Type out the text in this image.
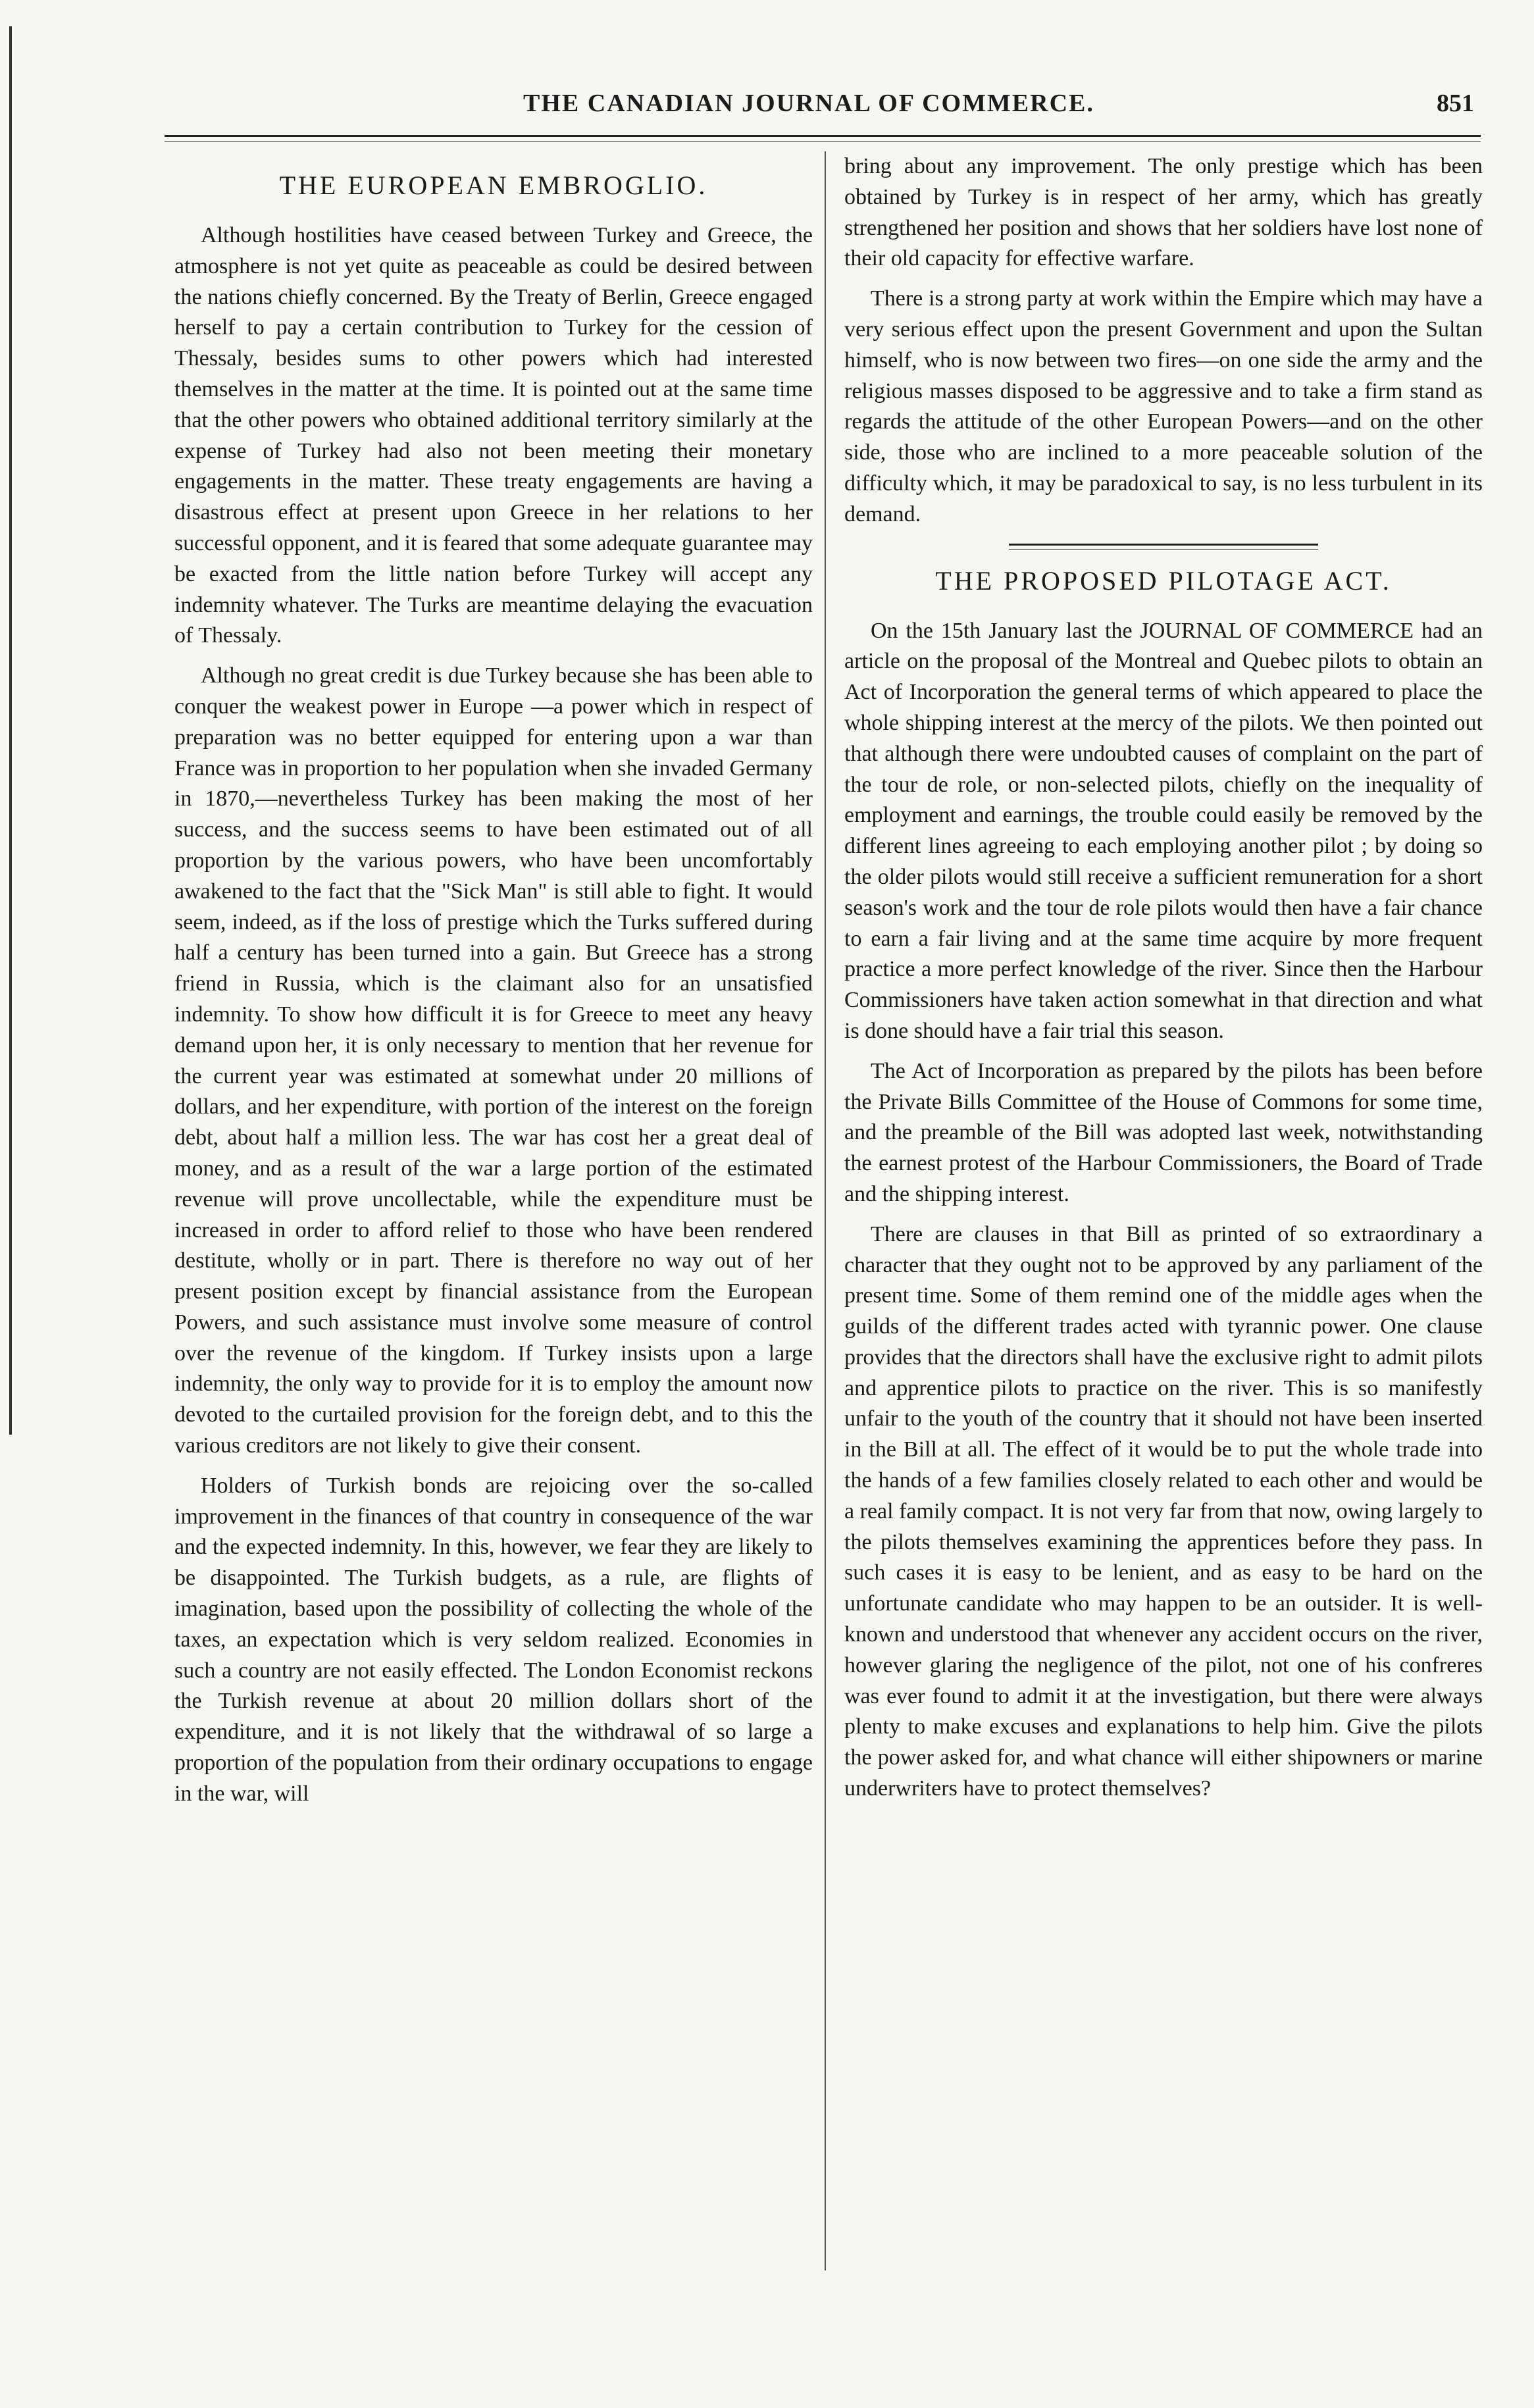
THE CANADIAN JOURNAL OF COMMERCE.	851
THE EUROPEAN EMBROGLIO.

Although hostilities have ceased between Turkey and Greece, the atmosphere is not yet quite as peaceable as could be desired between the nations chiefly concerned. By the Treaty of Berlin, Greece engaged herself to pay a certain contribution to Turkey for the cession of Thessaly, besides sums to other powers which had interested themselves in the matter at the time. It is pointed out at the same time that the other powers who obtained additional territory similarly at the expense of Turkey had also not been meeting their monetary engagements in the matter. These treaty engagements are having a disastrous effect at present upon Greece in her relations to her successful opponent, and it is feared that some adequate guarantee may be exacted from the little nation before Turkey will accept any indemnity whatever. The Turks are meantime delaying the evacuation of Thessaly.

Although no great credit is due Turkey because she has been able to conquer the weakest power in Europe —a power which in respect of preparation was no better equipped for entering upon a war than France was in proportion to her population when she invaded Germany in 1870,—nevertheless Turkey has been making the most of her success, and the success seems to have been estimated out of all proportion by the various powers, who have been uncomfortably awakened to the fact that the "Sick Man" is still able to fight. It would seem, indeed, as if the loss of prestige which the Turks suffered during half a century has been turned into a gain. But Greece has a strong friend in Russia, which is the claimant also for an unsatisfied indemnity. To show how difficult it is for Greece to meet any heavy demand upon her, it is only necessary to mention that her revenue for the current year was estimated at somewhat under 20 millions of dollars, and her expenditure, with portion of the interest on the foreign debt, about half a million less. The war has cost her a great deal of money, and as a result of the war a large portion of the estimated revenue will prove uncollectable, while the expenditure must be increased in order to afford relief to those who have been rendered destitute, wholly or in part. There is therefore no way out of her present position except by financial assistance from the European Powers, and such assistance must involve some measure of control over the revenue of the kingdom. If Turkey insists upon a large indemnity, the only way to provide for it is to employ the amount now devoted to the curtailed provision for the foreign debt, and to this the various creditors are not likely to give their consent.

Holders of Turkish bonds are rejoicing over the so-called improvement in the finances of that country in consequence of the war and the expected indemnity. In this, however, we fear they are likely to be disappointed. The Turkish budgets, as a rule, are flights of imagination, based upon the possibility of collecting the whole of the taxes, an expectation which is very seldom realized. Economies in such a country are not easily effected. The London Economist reckons the Turkish revenue at about 20 million dollars short of the expenditure, and it is not likely that the withdrawal of so large a proportion of the population from their ordinary occupations to engage in the war, will

bring about any improvement. The only prestige which has been obtained by Turkey is in respect of her army, which has greatly strengthened her position and shows that her soldiers have lost none of their old capacity for effective warfare.

There is a strong party at work within the Empire which may have a very serious effect upon the present Government and upon the Sultan himself, who is now between two fires—on one side the army and the religious masses disposed to be aggressive and to take a firm stand as regards the attitude of the other European Powers—and on the other side, those who are inclined to a more peaceable solution of the difficulty which, it may be paradoxical to say, is no less turbulent in its demand.

THE PROPOSED PILOTAGE ACT.

On the 15th January last the JOURNAL OF COMMERCE had an article on the proposal of the Montreal and Quebec pilots to obtain an Act of Incorporation the general terms of which appeared to place the whole shipping interest at the mercy of the pilots. We then pointed out that although there were undoubted causes of complaint on the part of the tour de role, or non-selected pilots, chiefly on the inequality of employment and earnings, the trouble could easily be removed by the different lines agreeing to each employing another pilot ; by doing so the older pilots would still receive a sufficient remuneration for a short season's work and the tour de role pilots would then have a fair chance to earn a fair living and at the same time acquire by more frequent practice a more perfect knowledge of the river. Since then the Harbour Commissioners have taken action somewhat in that direction and what is done should have a fair trial this season.

The Act of Incorporation as prepared by the pilots has been before the Private Bills Committee of the House of Commons for some time, and the preamble of the Bill was adopted last week, notwithstanding the earnest protest of the Harbour Commissioners, the Board of Trade and the shipping interest.

There are clauses in that Bill as printed of so extraordinary a character that they ought not to be approved by any parliament of the present time. Some of them remind one of the middle ages when the guilds of the different trades acted with tyrannic power. One clause provides that the directors shall have the exclusive right to admit pilots and apprentice pilots to practice on the river. This is so manifestly unfair to the youth of the country that it should not have been inserted in the Bill at all. The effect of it would be to put the whole trade into the hands of a few families closely related to each other and would be a real family compact. It is not very far from that now, owing largely to the pilots themselves examining the apprentices before they pass. In such cases it is easy to be lenient, and as easy to be hard on the unfortunate candidate who may happen to be an outsider. It is well-known and understood that whenever any accident occurs on the river, however glaring the negligence of the pilot, not one of his confreres was ever found to admit it at the investigation, but there were always plenty to make excuses and explanations to help him. Give the pilots the power asked for, and what chance will either shipowners or marine underwriters have to protect themselves?
